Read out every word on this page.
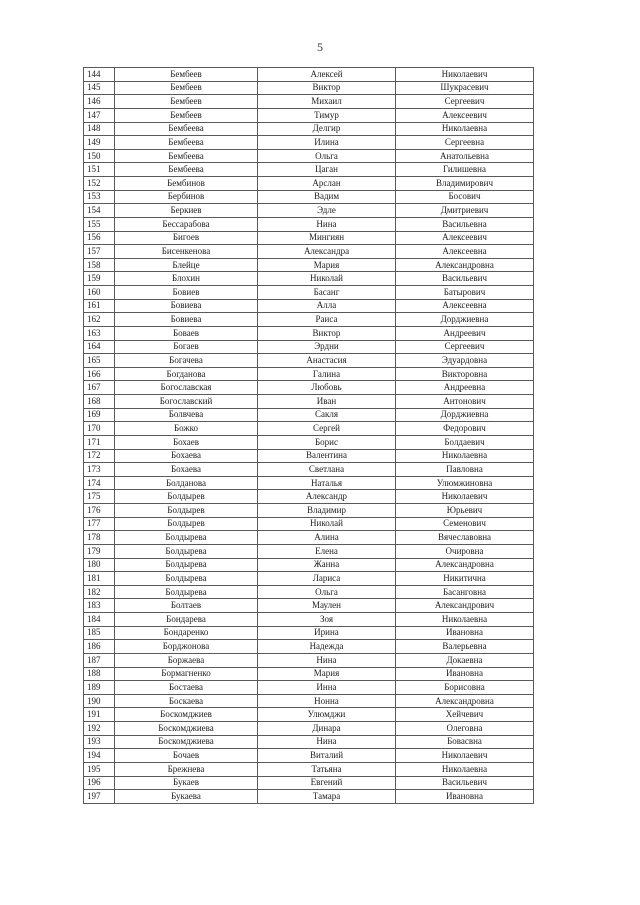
5
144	Бембеев	Алексей	Николаевич
145	Бембеев	Виктор	Шукрасевич
146	Бембеев	Михаил	Сергеевич
147	Бембеев	Тимур	Алексеевич
148	Бембеева	Делгир	Николаевна
149	Бембеева	Илина	Сергеевна
150	Бембеева	Ольга	Анатольевна
151	Бембеева	Цаган	Гилишевна
152	Бембинов	Арслан	Владимирович
153	Бербинов	Вадим	Босович
154	Беркиев	Эдле	Дмитриевич
155	Бессарабова	Нина	Васильевна
156	Бигоев	Мингиян	Алексеевич
157	Бисенкенова	Александра	Алексеевна
158	Блейце	Мария	Александровна
159	Блохин	Николай	Васильевич
160	Бовиев	Басанг	Батырович
161	Бовиева	Алла	Алексеевна
162	Бовиева	Раиса	Дорджиевна
163	Боваев	Виктор	Андреевич
164	Богаев	Эрдни	Сергеевич
165	Богачева	Анастасия	Эдуардовна
166	Богданова	Галина	Викторовна
167	Богославская	Любовь	Андреевна
168	Богославский	Иван	Антонович
169	Болвчева	Сакля	Дорджиевна
170	Божко	Сергей	Федорович
171	Бохаев	Борис	Болдаевич
172	Бохаева	Валентина	Николаевна
173	Бохаева	Светлана	Павловна
174	Болданова	Наталья	Улюмжиновна
175	Болдырев	Александр	Николаевич
176	Болдырев	Владимир	Юрьевич
177	Болдырев	Николай	Семенович
178	Болдырева	Алина	Вячеславовна
179	Болдырева	Елена	Очировна
180	Болдырева	Жанна	Александровна
181	Болдырева	Лариса	Никитична
182	Болдырева	Ольга	Басанговна
183	Болтаев	Маулен	Александрович
184	Бондарева	Зоя	Николаевна
185	Бондаренко	Ирина	Ивановна
186	Борджонова	Надежда	Валерьевна
187	Боржаева	Нина	Докаевна
188	Бормагненко	Мария	Ивановна
189	Бостаева	Инна	Борисовна
190	Боскаева	Нонна	Александровна
191	Боскомджиев	Улюмджи	Хейчевич
192	Боскомджиева	Динара	Олеговна
193	Боскомджиева	Нина	Бовасвна
194	Бочаев	Виталий	Николаевич
195	Брежнева	Татьяна	Николаевна
196	Букаев	Евгений	Васильевич
197	Букаева	Тамара	Ивановна
